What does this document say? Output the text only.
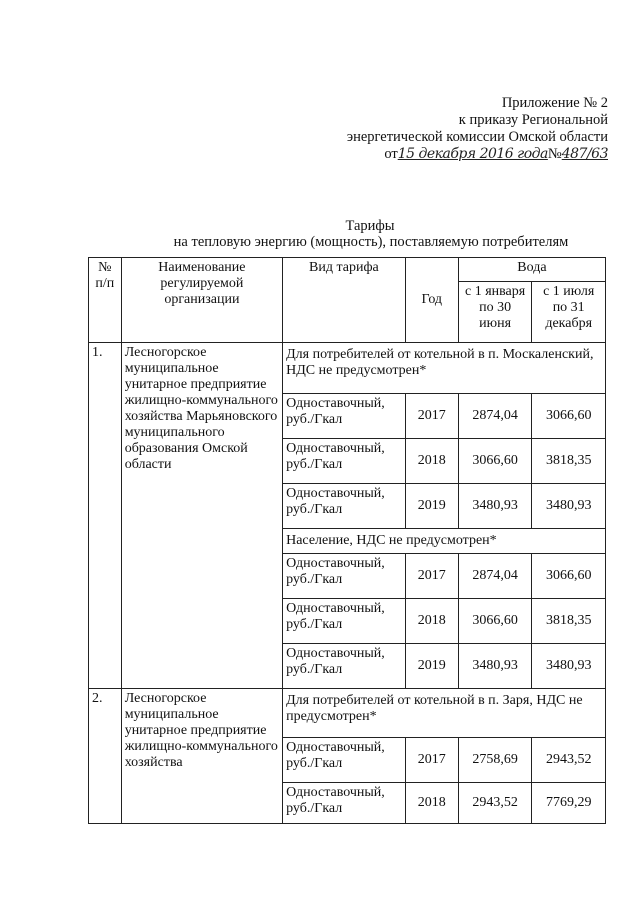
Приложение № 2
к приказу Региональной
энергетической комиссии Омской области
от15 декабря 2016 года№487/63
Тарифы
на тепловую энергию (мощность), поставляемую потребителям
№ п/п	Наименование регулируемой организации	Вид тарифа	Год	Вода	
				с 1 января по 30 июня	с 1 июля по 31 декабря
1.	Лесногорское муниципальное унитарное предприятие жилищно-коммунального хозяйства Марьяновского муниципального образования Омской области	Для потребителей от котельной в п. Москаленский, НДС не предусмотрен*			
		Одноставочный, руб./Гкал	2017	2874,04	3066,60
		Одноставочный, руб./Гкал	2018	3066,60	3818,35
		Одноставочный, руб./Гкал	2019	3480,93	3480,93
		Население, НДС не предусмотрен*			
		Одноставочный, руб./Гкал	2017	2874,04	3066,60
		Одноставочный, руб./Гкал	2018	3066,60	3818,35
		Одноставочный, руб./Гкал	2019	3480,93	3480,93
2.	Лесногорское муниципальное унитарное предприятие жилищно-коммунального хозяйства	Для потребителей от котельной в п. Заря, НДС не предусмотрен*			
		Одноставочный, руб./Гкал	2017	2758,69	2943,52
		Одноставочный, руб./Гкал	2018	2943,52	7769,29
